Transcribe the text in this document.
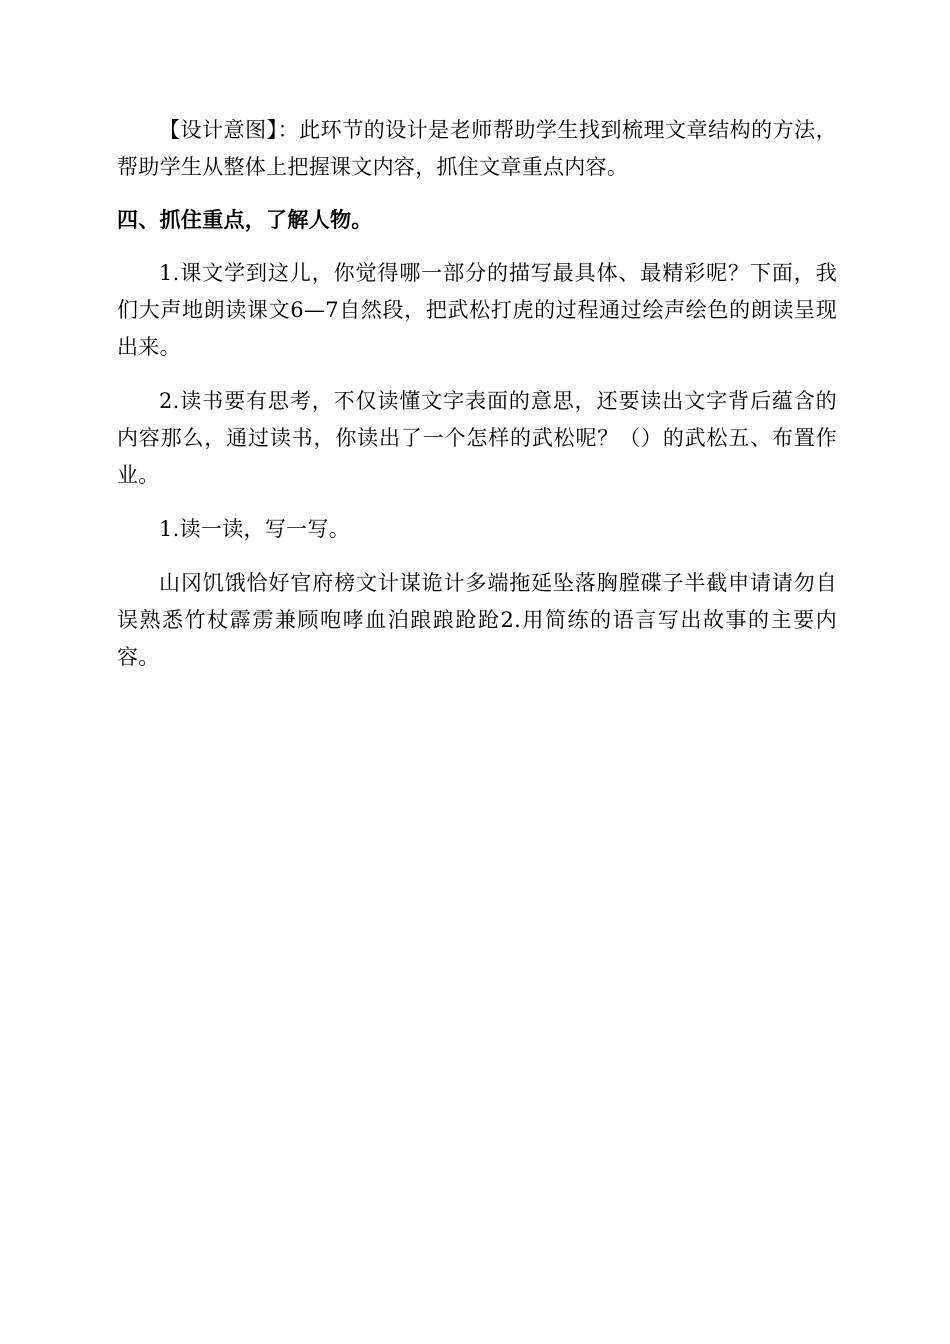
【设计意图】：此环节的设计是老师帮助学生找到梳理文章结构的方法，帮助学生从整体上把握课文内容，抓住文章重点内容。

四、抓住重点，了解人物。

1.课文学到这儿，你觉得哪一部分的描写最具体、最精彩呢？下面，我们大声地朗读课文6—7自然段，把武松打虎的过程通过绘声绘色的朗读呈现出来。

2.读书要有思考，不仅读懂文字表面的意思，还要读出文字背后蕴含的内容那么，通过读书，你读出了一个怎样的武松呢？（）的武松五、布置作业。

1.读一读，写一写。

山冈饥饿恰好官府榜文计谋诡计多端拖延坠落胸膛碟子半截申请请勿自误熟悉竹杖霹雳兼顾咆哮血泊踉踉跄跄2.用简练的语言写出故事的主要内容。
